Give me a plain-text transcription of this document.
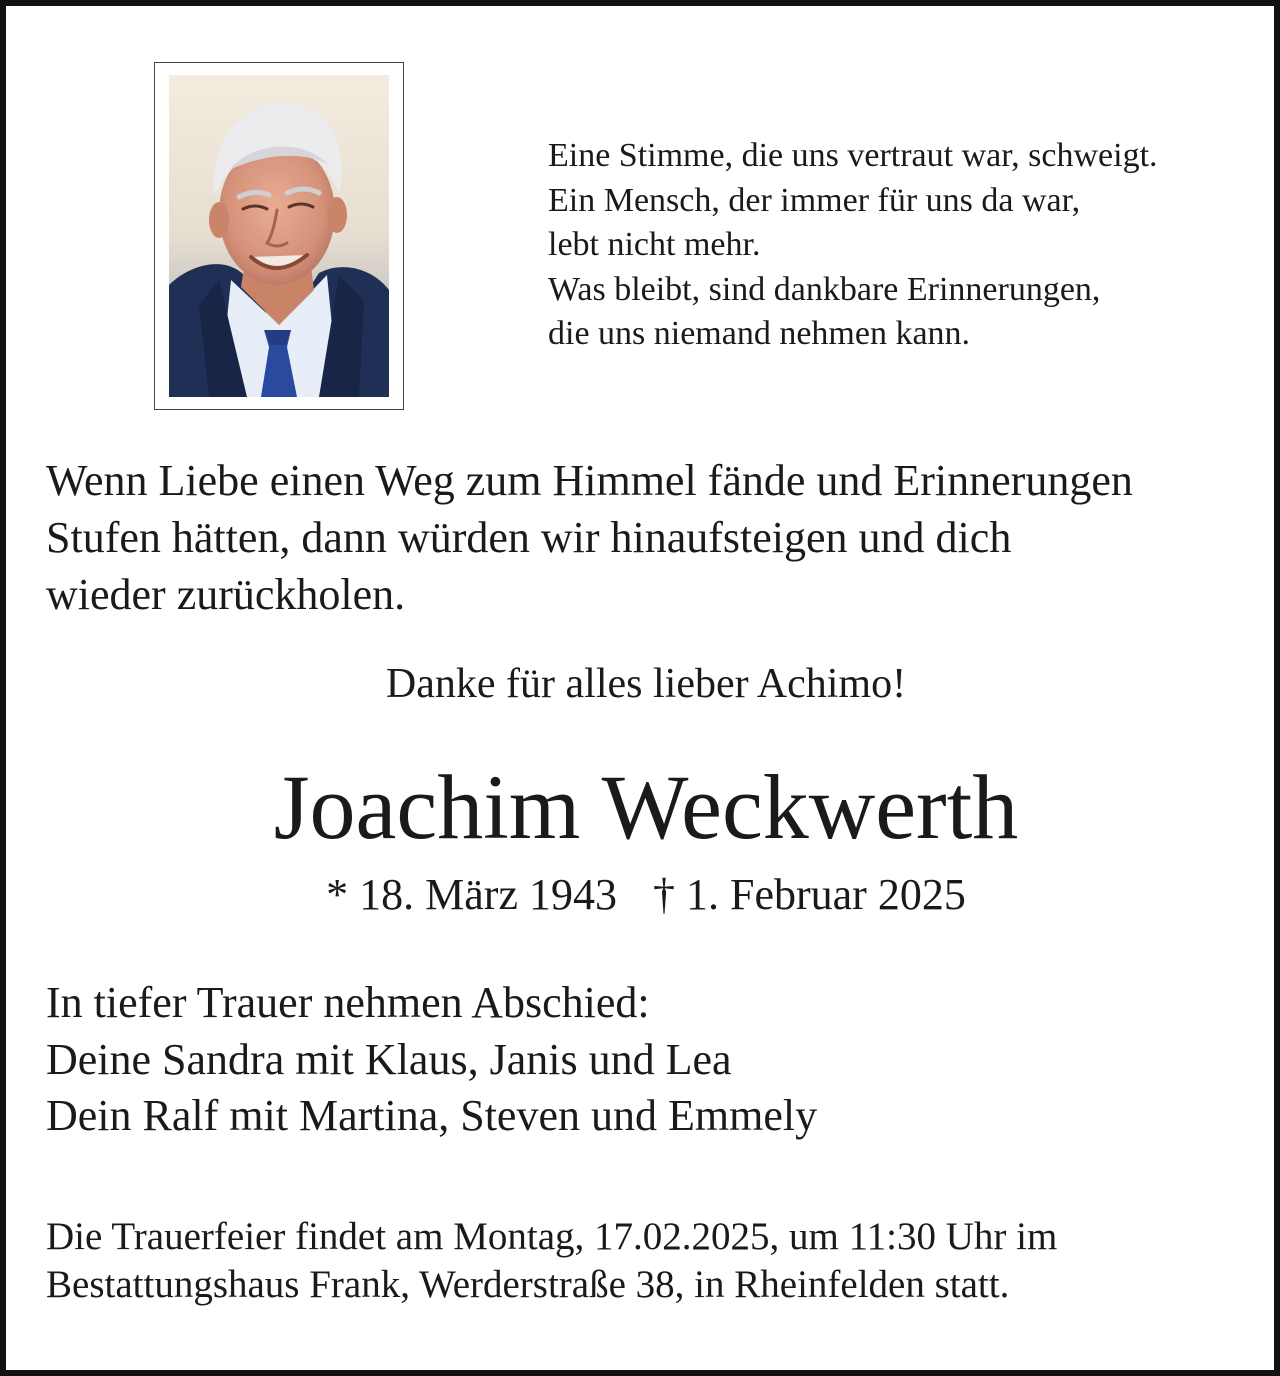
Eine Stimme, die uns vertraut war, schweigt.
Ein Mensch, der immer für uns da war,
lebt nicht mehr.
Was bleibt, sind dankbare Erinnerungen,
die uns niemand nehmen kann.
Wenn Liebe einen Weg zum Himmel fände und Erinnerungen
Stufen hätten, dann würden wir hinaufsteigen und dich
wieder zurückholen.
Danke für alles lieber Achimo!
Joachim Weckwerth
* 18. März 1943 † 1. Februar 2025
In tiefer Trauer nehmen Abschied:
Deine Sandra mit Klaus, Janis und Lea
Dein Ralf mit Martina, Steven und Emmely
Die Trauerfeier findet am Montag, 17.02.2025, um 11:30 Uhr im
Bestattungshaus Frank, Werderstraße 38, in Rheinfelden statt.
